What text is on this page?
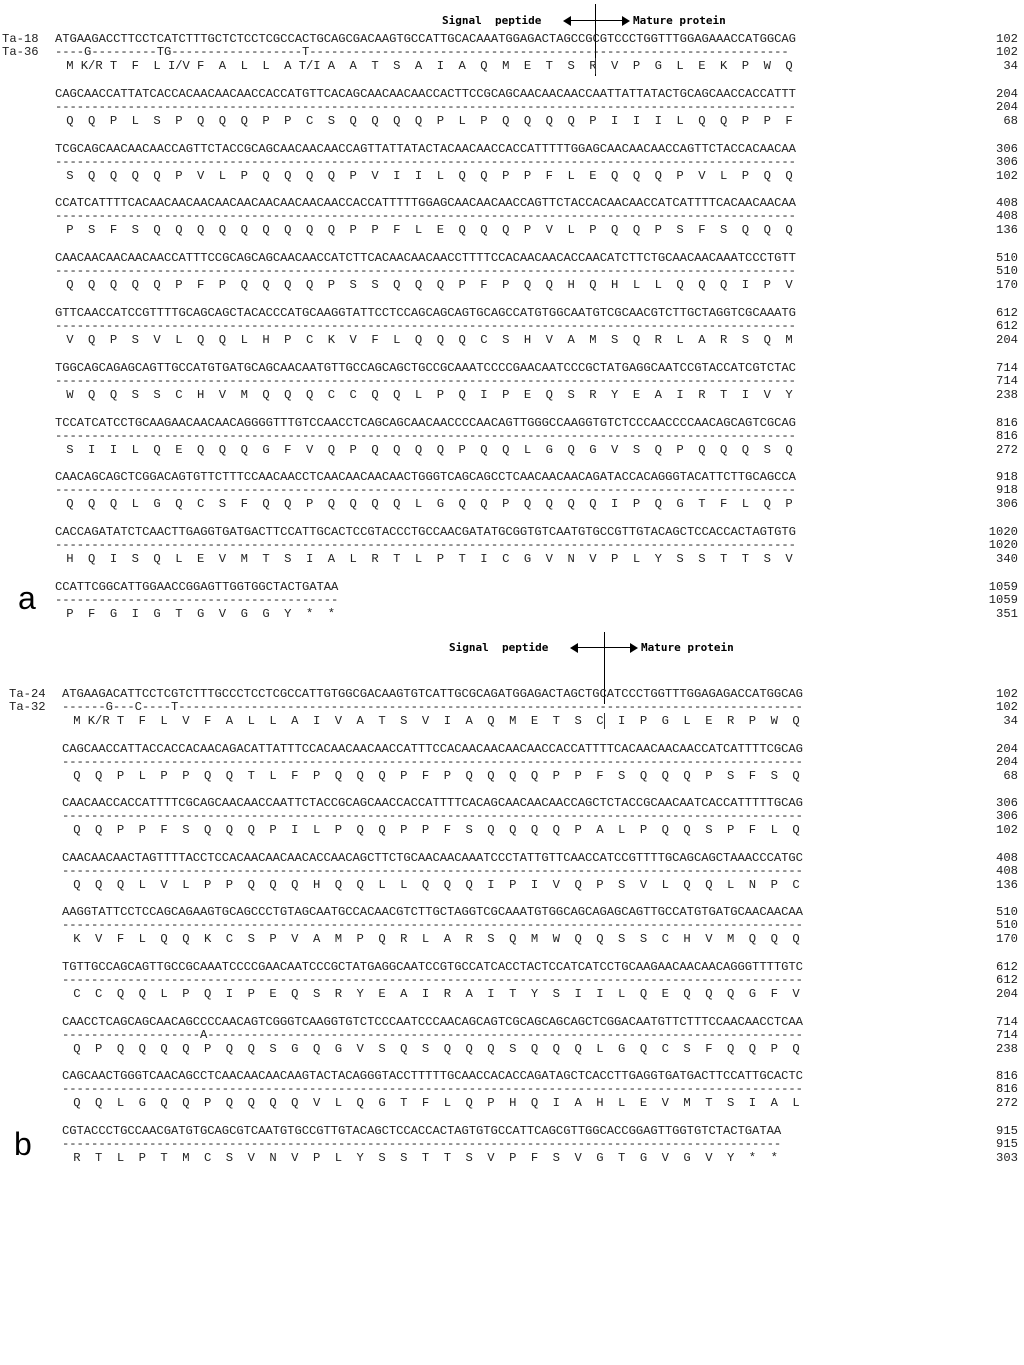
Signal  peptide	Mature protein
Ta-18
Ta-36
ATGAAGACCTTCCTCATCTTTGCTCTCCTCGCCACTGCAGCGACAAGTGCCATTGCACAAATGGAGACTAGCCGCGTCCCTGGTTTGGAGAAACCATGGCAG
----G---------TG------------------T------------------------------------------------------------------
M K/R T  F  L I/V F  A  L  L  A T/I A  A  T  S  A  I  A  Q  M  E  T  S  R  V  P  G  L  E  K  P  W  Q
102
102
34
CAGCAACCATTATCACCACAACAACAACCACCATGTTCACAGCAACAACAACCACTTCCGCAGCAACAACAACCAATTATTATACTGCAGCAACCACCATTT
------------------------------------------------------------------------------------------------------
Q  Q  P  L  S  P  Q  Q  Q  P  P  C  S  Q  Q  Q  Q  P  L  P  Q  Q  Q  Q  P  I  I  I  L  Q  Q  P  P  F
204
204
68
TCGCAGCAACAACAACCAGTTCTACCGCAGCAACAACAACCAGTTATTATACTACAACAACCACCATTTTTGGAGCAACAACAACCAGTTCTACCACAACAA
------------------------------------------------------------------------------------------------------
S  Q  Q  Q  Q  P  V  L  P  Q  Q  Q  Q  P  V  I  I  L  Q  Q  P  P  F  L  E  Q  Q  Q  P  V  L  P  Q  Q
306
306
102
CCATCATTTTCACAACAACAACAACAACAACAACAACAACCACCATTTTTGGAGCAACAACAACCAGTTCTACCACAACAACCATCATTTTCACAACAACAA
------------------------------------------------------------------------------------------------------
P  S  F  S  Q  Q  Q  Q  Q  Q  Q  Q  Q  P  P  F  L  E  Q  Q  Q  P  V  L  P  Q  Q  P  S  F  S  Q  Q  Q
408
408
136
CAACAACAACAACAACCATTTCCGCAGCAGCAACAACCATCTTCACAACAACAACCTTTTCCACAACAACACCAACATCTTCTGCAACAACAAATCCCTGTT
------------------------------------------------------------------------------------------------------
Q  Q  Q  Q  Q  P  F  P  Q  Q  Q  Q  P  S  S  Q  Q  Q  P  F  P  Q  Q  H  Q  H  L  L  Q  Q  Q  I  P  V
510
510
170
GTTCAACCATCCGTTTTGCAGCAGCTACACCCATGCAAGGTATTCCTCCAGCAGCAGTGCAGCCATGTGGCAATGTCGCAACGTCTTGCTAGGTCGCAAATG
------------------------------------------------------------------------------------------------------
V  Q  P  S  V  L  Q  Q  L  H  P  C  K  V  F  L  Q  Q  Q  C  S  H  V  A  M  S  Q  R  L  A  R  S  Q  M
612
612
204
TGGCAGCAGAGCAGTTGCCATGTGATGCAGCAACAATGTTGCCAGCAGCTGCCGCAAATCCCCGAACAATCCCGCTATGAGGCAATCCGTACCATCGTCTAC
------------------------------------------------------------------------------------------------------
W  Q  Q  S  S  C  H  V  M  Q  Q  Q  C  C  Q  Q  L  P  Q  I  P  E  Q  S  R  Y  E  A  I  R  T  I  V  Y
714
714
238
TCCATCATCCTGCAAGAACAACAACAGGGGTTTGTCCAACCTCAGCAGCAACAACCCCAACAGTTGGGCCAAGGTGTCTCCCAACCCCAACAGCAGTCGCAG
------------------------------------------------------------------------------------------------------
S  I  I  L  Q  E  Q  Q  Q  G  F  V  Q  P  Q  Q  Q  Q  P  Q  Q  L  G  Q  G  V  S  Q  P  Q  Q  Q  S  Q
816
816
272
CAACAGCAGCTCGGACAGTGTTCTTTCCAACAACCTCAACAACAACAACTGGGTCAGCAGCCTCAACAACAACAGATACCACAGGGTACATTCTTGCAGCCA
------------------------------------------------------------------------------------------------------
Q  Q  Q  L  G  Q  C  S  F  Q  Q  P  Q  Q  Q  Q  L  G  Q  Q  P  Q  Q  Q  Q  I  P  Q  G  T  F  L  Q  P
918
918
306
CACCAGATATCTCAACTTGAGGTGATGACTTCCATTGCACTCCGTACCCTGCCAACGATATGCGGTGTCAATGTGCCGTTGTACAGCTCCACCACTAGTGTG
------------------------------------------------------------------------------------------------------
H  Q  I  S  Q  L  E  V  M  T  S  I  A  L  R  T  L  P  T  I  C  G  V  N  V  P  L  Y  S  S  T  T  S  V
1020
1020
340
CCATTCGGCATTGGAACCGGAGTTGGTGGCTACTGATAA
---------------------------------------
P  F  G  I  G  T  G  V  G  G  Y  *  *
1059
1059
351
a
Signal  peptide	Mature protein
Ta-24
Ta-32
ATGAAGACATTCCTCGTCTTTGCCCTCCTCGCCATTGTGGCGACAAGTGTCATTGCGCAGATGGAGACTAGCTGCATCCCTGGTTTGGAGAGACCATGGCAG
------G---C----T--------------------------------------------------------------------------------------
M K/R T  F  L  V  F  A  L  L  A  I  V  A  T  S  V  I  A  Q  M  E  T  S  C  I  P  G  L  E  R  P  W  Q
102
102
34
CAGCAACCATTACCACCACAACAGACATTATTTCCACAACAACAACCATTTCCACAACAACAACAACCACCATTTTCACAACAACAACCATCATTTTCGCAG
------------------------------------------------------------------------------------------------------
Q  Q  P  L  P  P  Q  Q  T  L  F  P  Q  Q  Q  P  F  P  Q  Q  Q  Q  P  P  F  S  Q  Q  Q  P  S  F  S  Q
204
204
68
CAACAACCACCATTTTCGCAGCAACAACCAATTCTACCGCAGCAACCACCATTTTCACAGCAACAACAACCAGCTCTACCGCAACAATCACCATTTTTGCAG
------------------------------------------------------------------------------------------------------
Q  Q  P  P  F  S  Q  Q  Q  P  I  L  P  Q  Q  P  P  F  S  Q  Q  Q  Q  P  A  L  P  Q  Q  S  P  F  L  Q
306
306
102
CAACAACAACTAGTTTTACCTCCACAACAACAACACCAACAGCTTCTGCAACAACAAATCCCTATTGTTCAACCATCCGTTTTGCAGCAGCTAAACCCATGC
------------------------------------------------------------------------------------------------------
Q  Q  Q  L  V  L  P  P  Q  Q  Q  H  Q  Q  L  L  Q  Q  Q  I  P  I  V  Q  P  S  V  L  Q  Q  L  N  P  C
408
408
136
AAGGTATTCCTCCAGCAGAAGTGCAGCCCTGTAGCAATGCCACAACGTCTTGCTAGGTCGCAAATGTGGCAGCAGAGCAGTTGCCATGTGATGCAACAACAA
------------------------------------------------------------------------------------------------------
K  V  F  L  Q  Q  K  C  S  P  V  A  M  P  Q  R  L  A  R  S  Q  M  W  Q  Q  S  S  C  H  V  M  Q  Q  Q
510
510
170
TGTTGCCAGCAGTTGCCGCAAATCCCCGAACAATCCCGCTATGAGGCAATCCGTGCCATCACCTACTCCATCATCCTGCAAGAACAACAACAGGGTTTTGTC
------------------------------------------------------------------------------------------------------
C  C  Q  Q  L  P  Q  I  P  E  Q  S  R  Y  E  A  I  R  A  I  T  Y  S  I  I  L  Q  E  Q  Q  Q  G  F  V
612
612
204
CAACCTCAGCAGCAACAGCCCCAACAGTCGGGTCAAGGTGTCTCCCAATCCCAACAGCAGTCGCAGCAGCAGCTCGGACAATGTTCTTTCCAACAACCTCAA
-------------------A----------------------------------------------------------------------------------
Q  P  Q  Q  Q  Q  P  Q  Q  S  G  Q  G  V  S  Q  S  Q  Q  Q  S  Q  Q  Q  L  G  Q  C  S  F  Q  Q  P  Q
714
714
238
CAGCAACTGGGTCAACAGCCTCAACAACAACAAGTACTACAGGGTACCTTTTTGCAACCACACCAGATAGCTCACCTTGAGGTGATGACTTCCATTGCACTC
------------------------------------------------------------------------------------------------------
Q  Q  L  G  Q  Q  P  Q  Q  Q  Q  V  L  Q  G  T  F  L  Q  P  H  Q  I  A  H  L  E  V  M  T  S  I  A  L
816
816
272
CGTACCCTGCCAACGATGTGCAGCGTCAATGTGCCGTTGTACAGCTCCACCACTAGTGTGCCATTCAGCGTTGGCACCGGAGTTGGTGTCTACTGATAA
---------------------------------------------------------------------------------------------------
R  T  L  P  T  M  C  S  V  N  V  P  L  Y  S  S  T  T  S  V  P  F  S  V  G  T  G  V  G  V  Y  *  *
915
915
303
b
